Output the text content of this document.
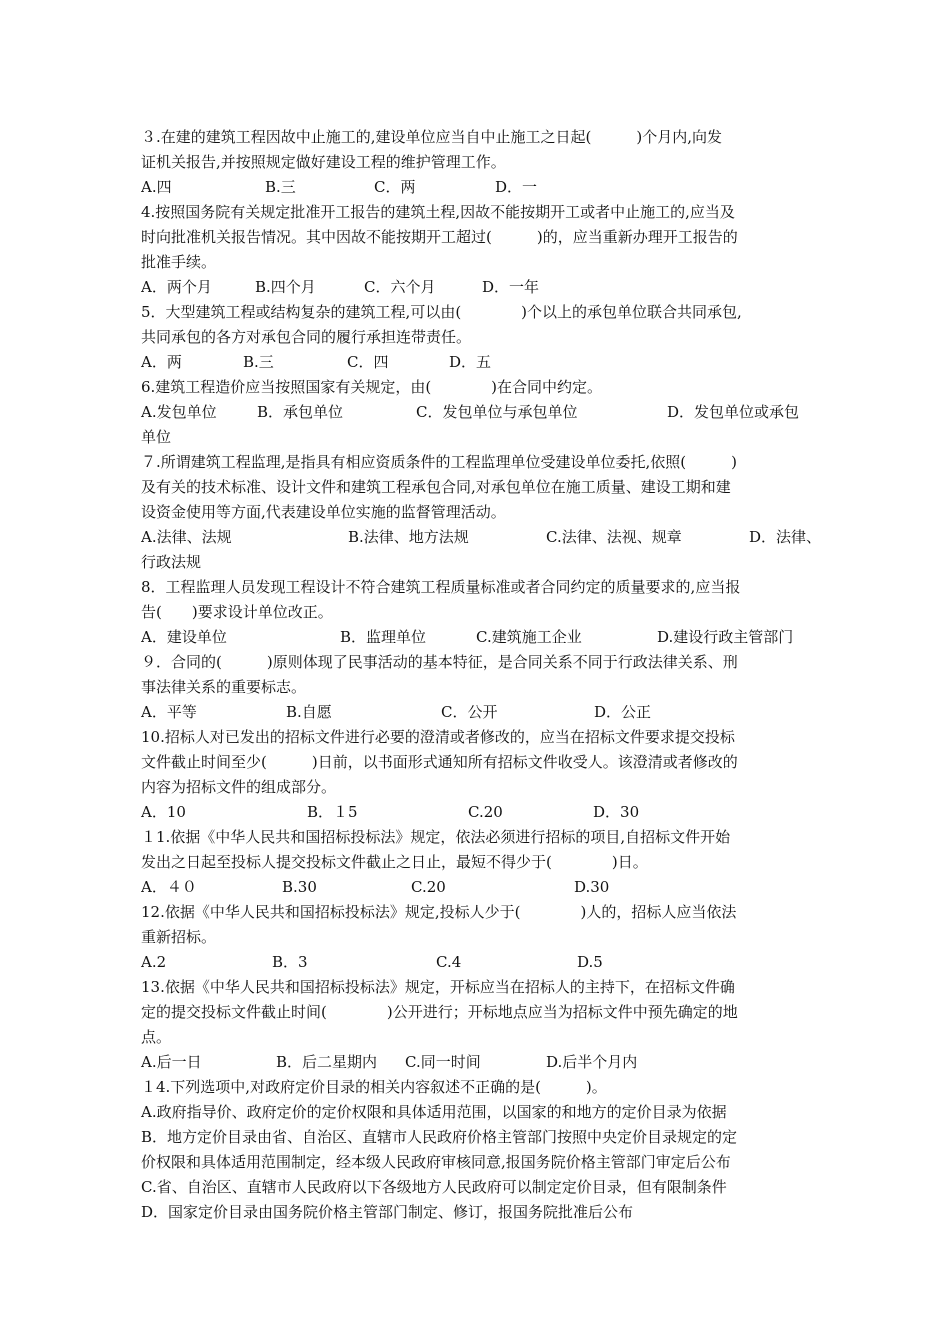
３.在建的建筑工程因故中止施工的,建设单位应当自中止施工之日起(　　　)个月内,向发
证机关报告,并按照规定做好建设工程的维护管理工作。
A.四	B.三	C．两	D．一
4.按照国务院有关规定批准开工报告的建筑土程,因故不能按期开工或者中止施工的,应当及
时向批准机关报告情况。其中因故不能按期开工超过(　　　)的，应当重新办理开工报告的
批准手续。
A．两个月	B.四个月	C．六个月	D．一年
5．大型建筑工程或结构复杂的建筑工程,可以由(　　　　)个以上的承包单位联合共同承包,
共同承包的各方对承包合同的履行承担连带责任。
A．两	B.三	C．四	D．五
6.建筑工程造价应当按照国家有关规定，由(　　　　)在合同中约定。
A.发包单位	B．承包单位	C．发包单位与承包单位	D．发包单位或承包
单位
７.所谓建筑工程监理,是指具有相应资质条件的工程监理单位受建设单位委托,依照(　　　)
及有关的技术标准、设计文件和建筑工程承包合同,对承包单位在施工质量、建设工期和建
设资金使用等方面,代表建设单位实施的监督管理活动。
A.法律、法规	B.法律、地方法规	C.法律、法视、规章	D．法律、
行政法规
8．工程监理人员发现工程设计不符合建筑工程质量标准或者合同约定的质量要求的,应当报
告(　　)要求设计单位改正。
A．建设单位	B．监理单位	C.建筑施工企业	D.建设行政主管部门
９．合同的(　　　)原则体现了民事活动的基本特征，是合同关系不同于行政法律关系、刑
事法律关系的重要标志。
A．平等	B.自愿	C．公开	D．公正
10.招标人对已发出的招标文件进行必要的澄清或者修改的，应当在招标文件要求提交投标
文件截止时间至少(　　　)日前，以书面形式通知所有招标文件收受人。该澄清或者修改的
内容为招标文件的组成部分。
A．10	B．１5	C.20	D．30
１1.依据《中华人民共和国招标投标法》规定，依法必须进行招标的项目,自招标文件开始
发出之日起至投标人提交投标文件截止之日止，最短不得少于(　　　　)日。
A．４０	B.30	C.20	D.30
12.依据《中华人民共和国招标投标法》规定,投标人少于(　　　　)人的，招标人应当依法
重新招标。
A.2	B．3	C.4	D.5
13.依据《中华人民共和国招标投标法》规定，开标应当在招标人的主持下，在招标文件确
定的提交投标文件截止时间(　　　　)公开进行；开标地点应当为招标文件中预先确定的地
点。
A.后一日	B．后二星期内 C.同一时间	D.后半个月内
１4.下列选项中,对政府定价目录的相关内容叙述不正确的是(　　　)。
A.政府指导价、政府定价的定价权限和具体适用范围，以国家的和地方的定价目录为依据
B．地方定价目录由省、自治区、直辖市人民政府价格主管部门按照中央定价目录规定的定
价权限和具体适用范围制定，经本级人民政府审核同意,报国务院价格主管部门审定后公布
C.省、自治区、直辖市人民政府以下各级地方人民政府可以制定定价目录，但有限制条件
D．国家定价目录由国务院价格主管部门制定、修订，报国务院批准后公布
